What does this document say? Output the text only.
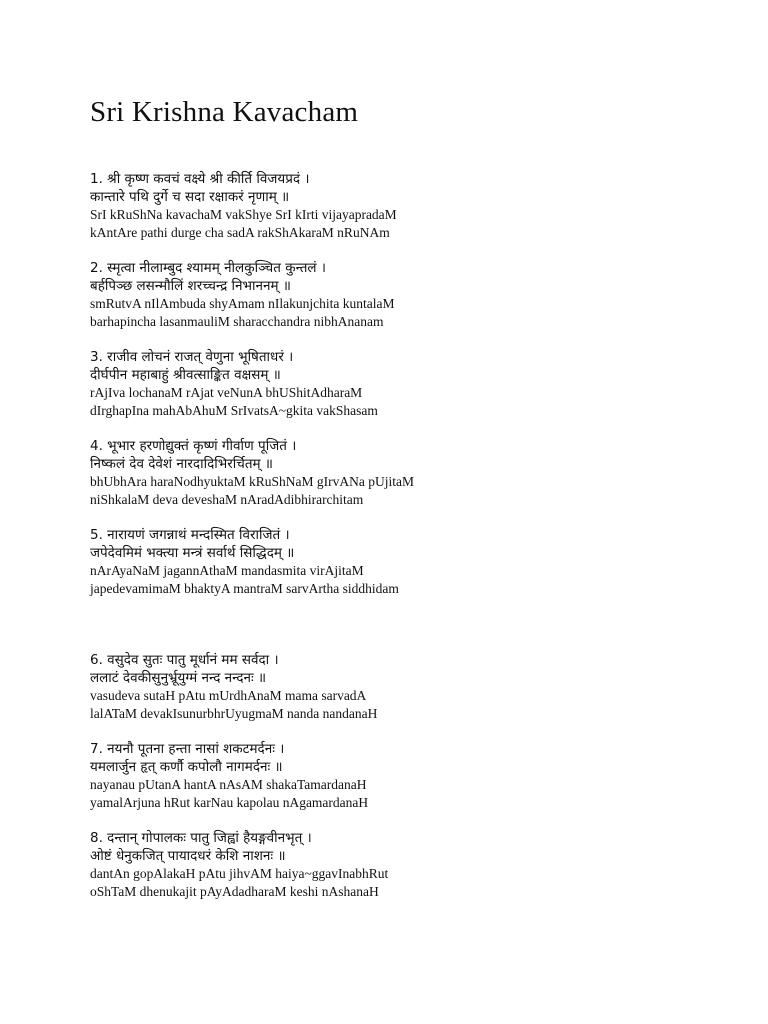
Sri Krishna Kavacham
1. श्री कृष्ण कवचं वक्ष्ये श्री कीर्ति विजयप्रदं ।
कान्तारे पथि दुर्गे च सदा रक्षाकरं नृणाम् ॥
SrI kRuShNa kavachaM vakShye SrI kIrti vijayapradaM
kAntAre pathi durge cha sadA rakShAkaraM nRuNAm
2. स्मृत्वा नीलाम्बुद श्यामम् नीलकुञ्चित कुन्तलं ।
बर्हपिञ्छ लसन्मौलिं शरच्चन्द्र निभाननम् ॥
smRutvA nIlAmbuda shyAmam nIlakunjchita kuntalaM
barhapincha lasanmauliM sharacchandra nibhAnanam
3. राजीव लोचनं राजत् वेणुना भूषिताधरं ।
दीर्घपीन महाबाहुं श्रीवत्साङ्कित वक्षसम् ॥
rAjIva lochanaM rAjat veNunA bhUShitAdharaM
dIrghapIna mahAbAhuM SrIvatsA~gkita vakShasam
4. भूभार हरणोद्युक्तं कृष्णं गीर्वाण पूजितं ।
निष्कलं देव देवेशं नारदादिभिरर्चितम् ॥
bhUbhAra haraNodhyuktaM kRuShNaM gIrvANa pUjitaM
niShkalaM deva deveshaM nAradAdibhirarchitam
5. नारायणं जगन्नाथं मन्दस्मित विराजितं ।
जपेदेवमिमं भक्त्या मन्त्रं सर्वार्थ सिद्धिदम् ॥
nArAyaNaM jagannAthaM mandasmita virAjitaM
japedevamimaM bhaktyA mantraM sarvArtha siddhidam
6. वसुदेव सुतः पातु मूर्धानं मम सर्वदा ।
ललाटं देवकीसुनुर्भ्रूयुग्मं नन्द नन्दनः ॥
vasudeva sutaH pAtu mUrdhAnaM mama sarvadA
lalATaM devakIsunurbhrUyugmaM nanda nandanaH
7. नयनौ पूतना हन्ता नासां शकटमर्दनः ।
यमलार्जुन हृत् कर्णौ कपोलौ नागमर्दनः ॥
nayanau pUtanA hantA nAsAM shakaTamardanaH
yamalArjuna hRut karNau kapolau nAgamardanaH
8. दन्तान् गोपालकः पातु जिह्वां हैयङ्गवीनभृत् ।
ओष्टं धेनुकजित् पायादधरं केशि नाशनः ॥
dantAn gopAlakaH pAtu jihvAM haiya~ggavInabhRut
oShTaM dhenukajit pAyAdadharaM keshi nAshanaH
